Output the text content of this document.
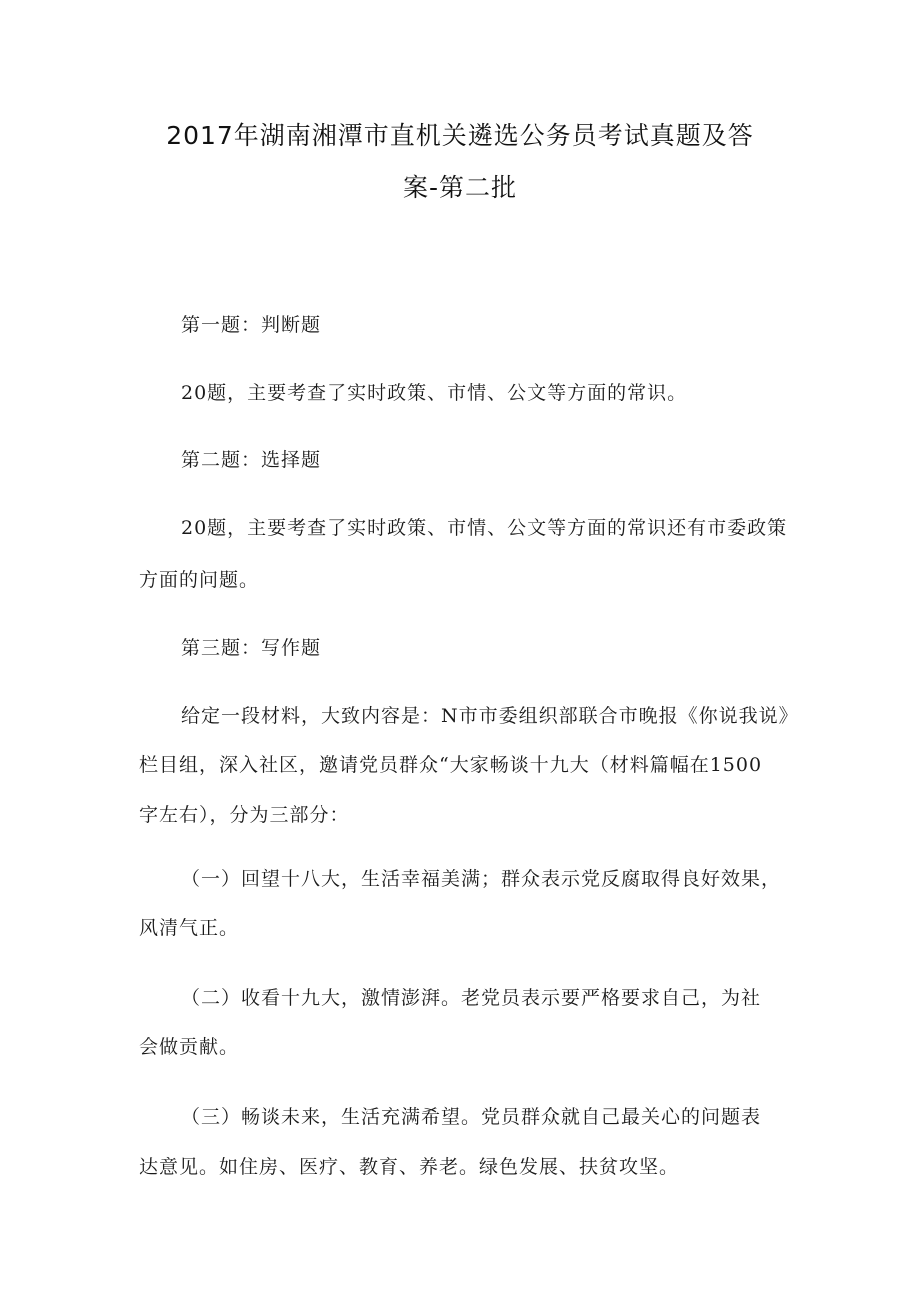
2017年湖南湘潭市直机关遴选公务员考试真题及答
案-第二批
第一题：判断题
20题，主要考查了实时政策、市情、公文等方面的常识。
第二题：选择题
20题，主要考查了实时政策、市情、公文等方面的常识还有市委政策
方面的问题。
第三题：写作题
给定一段材料，大致内容是：N市市委组织部联合市晚报《你说我说》
栏目组，深入社区，邀请党员群众“大家畅谈十九大（材料篇幅在1500
字左右），分为三部分：
（一）回望十八大，生活幸福美满；群众表示党反腐取得良好效果，
风清气正。
（二）收看十九大，激情澎湃。老党员表示要严格要求自己，为社
会做贡献。
（三）畅谈未来，生活充满希望。党员群众就自己最关心的问题表
达意见。如住房、医疗、教育、养老。绿色发展、扶贫攻坚。
